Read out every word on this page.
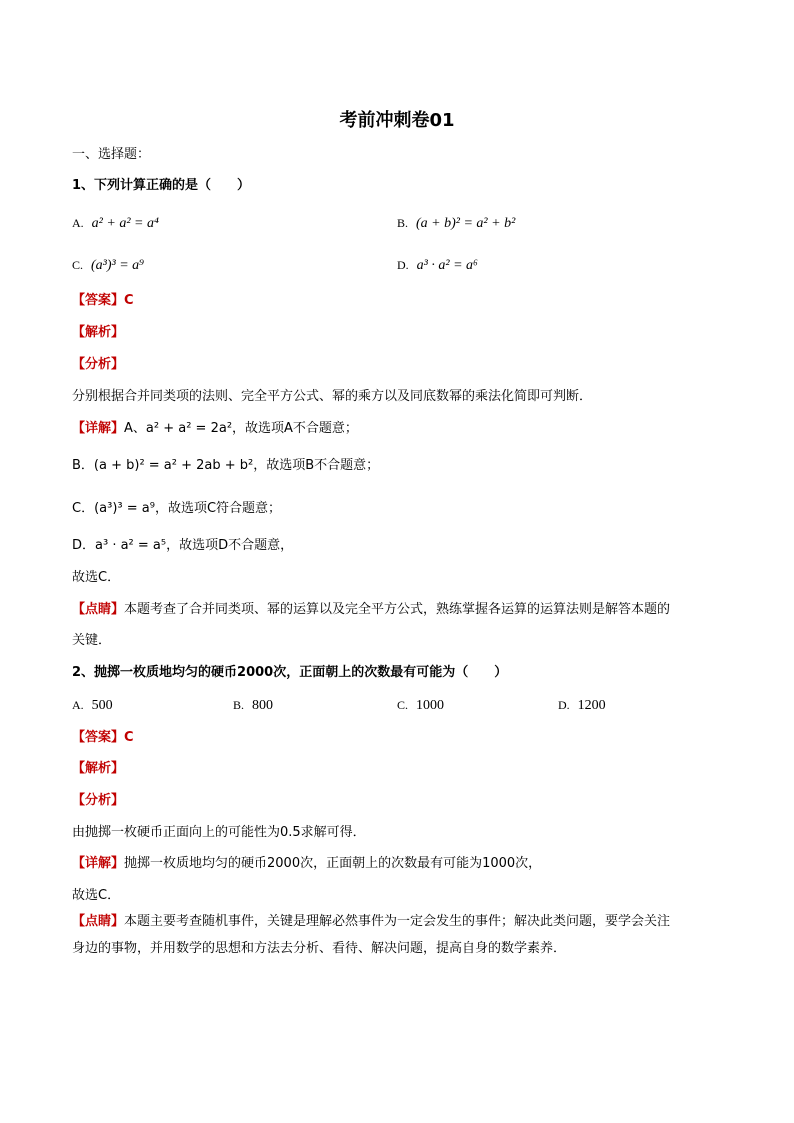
考前冲刺卷01
一、选择题：
1、下列计算正确的是（　　）
A. a² + a² = a⁴	B. (a + b)² = a² + b²
C. (a³)³ = a⁹	D. a³ · a² = a⁶
【答案】C
【解析】
【分析】
分别根据合并同类项的法则、完全平方公式、幂的乘方以及同底数幂的乘法化简即可判断．
【详解】A、a² + a² = 2a²，故选项A不合题意；
B．(a + b)² = a² + 2ab + b²，故选项B不合题意；
C．(a³)³ = a⁹，故选项C符合题意；
D．a³ · a² = a⁵，故选项D不合题意，
故选C．
【点睛】本题考查了合并同类项、幂的运算以及完全平方公式，熟练掌握各运算的运算法则是解答本题的
关键．
2、抛掷一枚质地均匀的硬币2000次，正面朝上的次数最有可能为（　　）
A. 500	B. 800	C. 1000	D. 1200
【答案】C
【解析】
【分析】
由抛掷一枚硬币正面向上的可能性为0.5求解可得．
【详解】抛掷一枚质地均匀的硬币2000次，正面朝上的次数最有可能为1000次，
故选C．
【点睛】本题主要考查随机事件，关键是理解必然事件为一定会发生的事件；解决此类问题，要学会关注
身边的事物，并用数学的思想和方法去分析、看待、解决问题，提高自身的数学素养．
